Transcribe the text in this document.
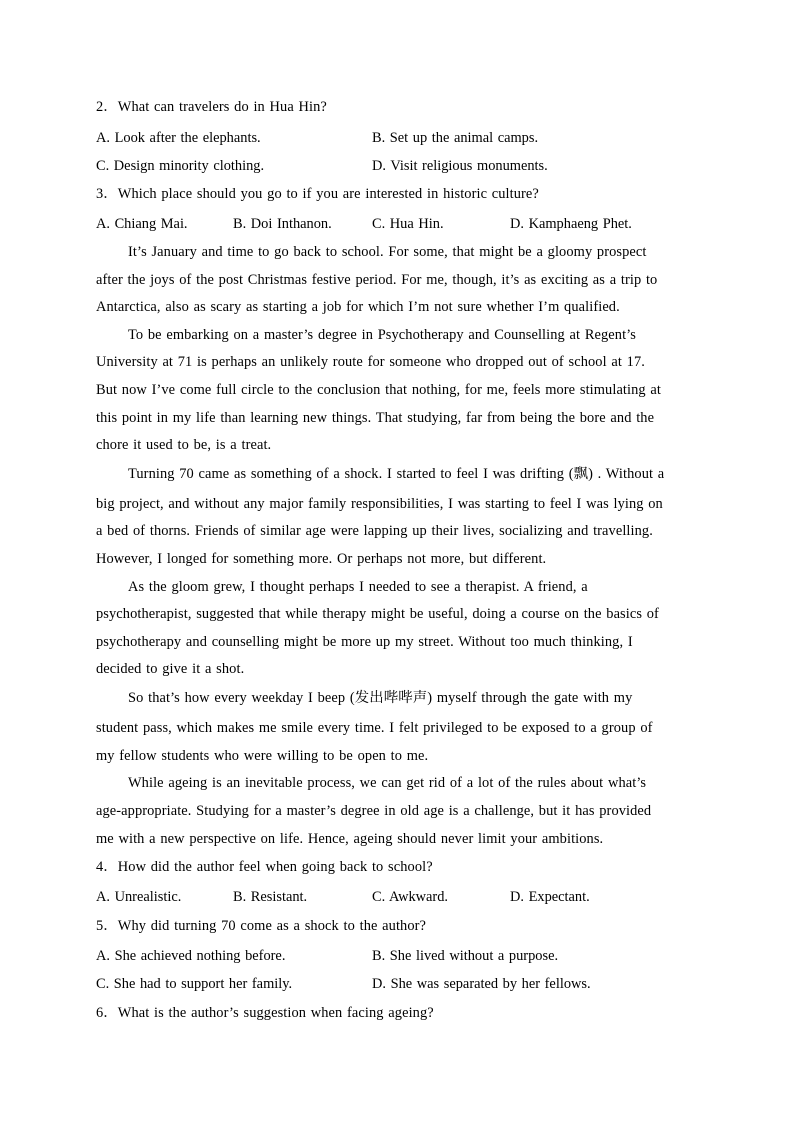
2．What can travelers do in Hua Hin?
A. Look after the elephants.	B. Set up the animal camps.
C. Design minority clothing.	D. Visit religious monuments.
3．Which place should you go to if you are interested in historic culture?
A. Chiang Mai.	B. Doi Inthanon.	C. Hua Hin.	D. Kamphaeng Phet.
It’s January and time to go back to school. For some, that might be a gloomy prospect
after the joys of the post Christmas festive period. For me, though, it’s as exciting as a trip to
Antarctica, also as scary as starting a job for which I’m not sure whether I’m qualified.
To be embarking on a master’s degree in Psychotherapy and Counselling at Regent’s
University at 71 is perhaps an unlikely route for someone who dropped out of school at 17.
But now I’ve come full circle to the conclusion that nothing, for me, feels more stimulating at
this point in my life than learning new things. That studying, far from being the bore and the
chore it used to be, is a treat.
Turning 70 came as something of a shock. I started to feel I was drifting (飘) . Without a
big project, and without any major family responsibilities, I was starting to feel I was lying on
a bed of thorns. Friends of similar age were lapping up their lives, socializing and travelling.
However, I longed for something more. Or perhaps not more, but different.
As the gloom grew, I thought perhaps I needed to see a therapist. A friend, a
psychotherapist, suggested that while therapy might be useful, doing a course on the basics of
psychotherapy and counselling might be more up my street. Without too much thinking, I
decided to give it a shot.
So that’s how every weekday I beep (发出哔哔声) myself through the gate with my
student pass, which makes me smile every time. I felt privileged to be exposed to a group of
my fellow students who were willing to be open to me.
While ageing is an inevitable process, we can get rid of a lot of the rules about what’s
age-appropriate. Studying for a master’s degree in old age is a challenge, but it has provided
me with a new perspective on life. Hence, ageing should never limit your ambitions.
4．How did the author feel when going back to school?
A. Unrealistic.	B. Resistant.	C. Awkward.	D. Expectant.
5．Why did turning 70 come as a shock to the author?
A. She achieved nothing before.	B. She lived without a purpose.
C. She had to support her family.	D. She was separated by her fellows.
6．What is the author’s suggestion when facing ageing?
